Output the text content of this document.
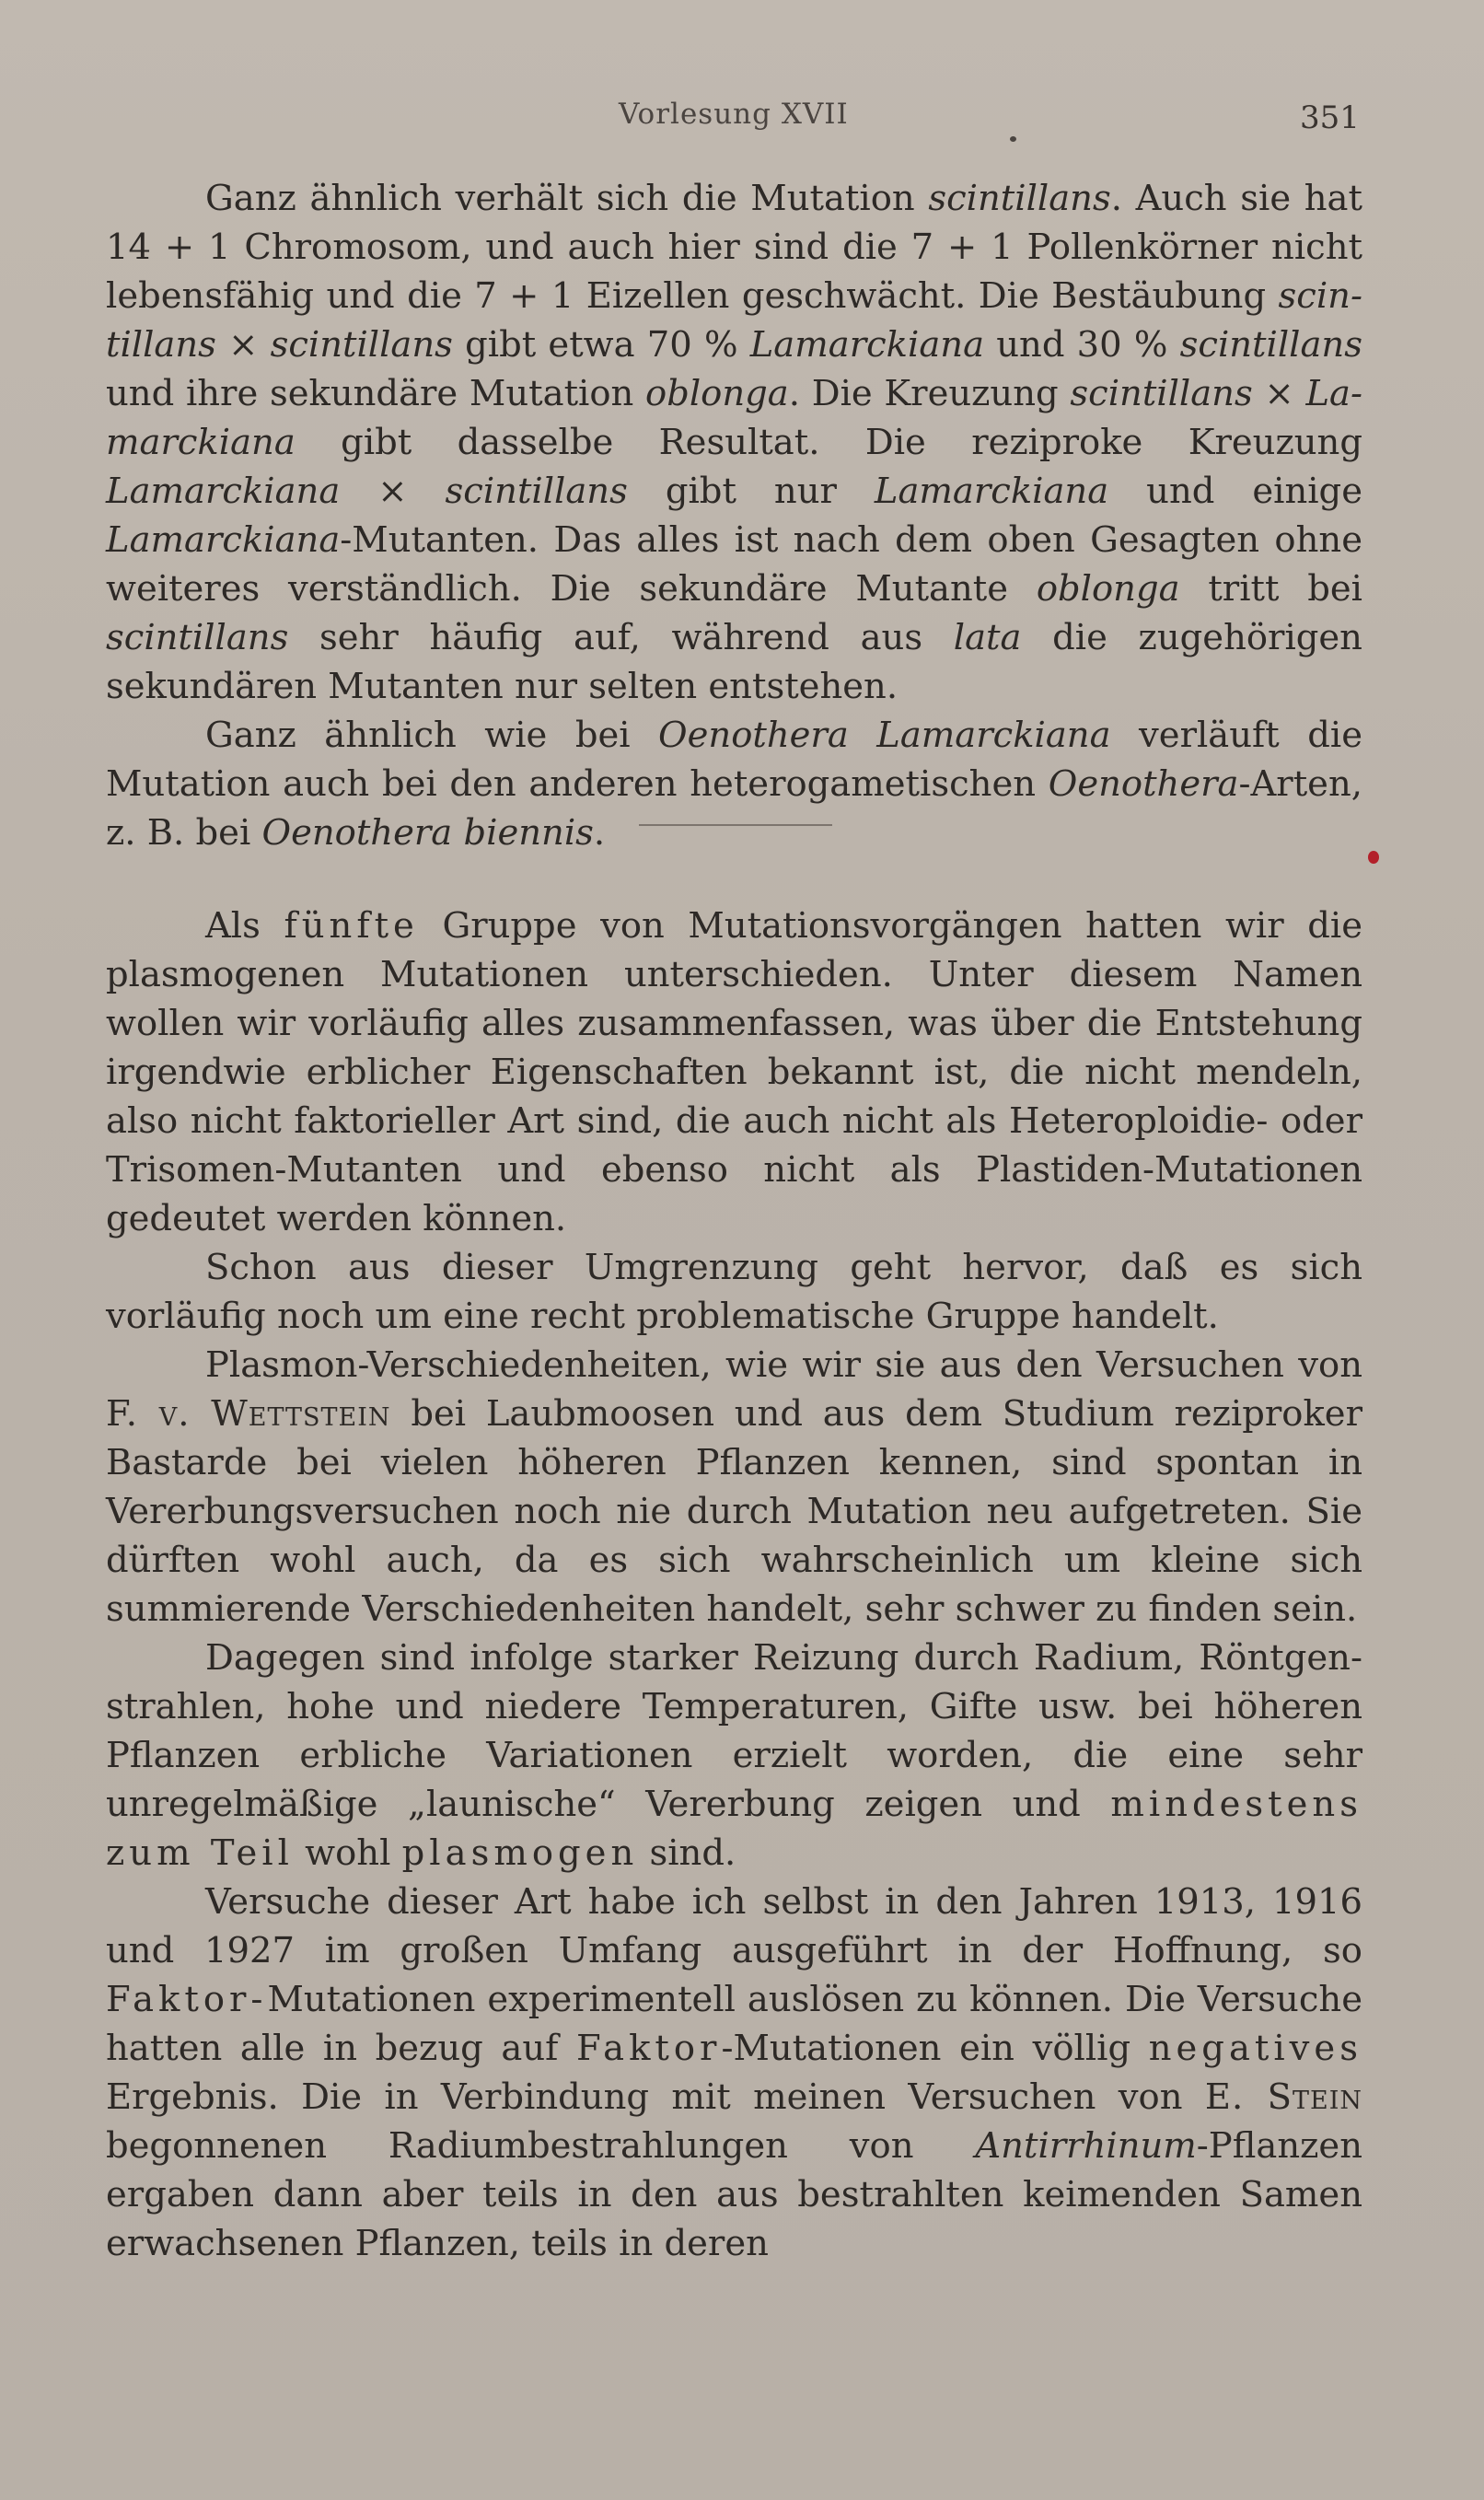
Vorlesung XVII	351

Ganz ähnlich verhält sich die Mutation scintillans. Auch sie hat 14 + 1 Chromosom, und auch hier sind die 7 + 1 Pollenkörner nicht lebensfähig und die 7 + 1 Eizellen geschwächt. Die Bestäubung scintillans × scintillans gibt etwa 70 % Lamarckiana und 30 % scintillans und ihre sekundäre Mutation oblonga. Die Kreuzung scintillans × Lamarckiana gibt dasselbe Resultat. Die reziproke Kreuzung Lamarckiana × scintillans gibt nur Lamarckiana und einige Lamarckiana-Mutanten. Das alles ist nach dem oben Gesagten ohne weiteres verständlich. Die sekundäre Mutante oblonga tritt bei scintillans sehr häufig auf, während aus lata die zugehörigen sekundären Mutanten nur selten entstehen.

Ganz ähnlich wie bei Oenothera Lamarckiana verläuft die Mutation auch bei den anderen heterogametischen Oenothera-Arten, z. B. bei Oenothera biennis.

Als fünfte Gruppe von Mutationsvorgängen hatten wir die plasmogenen Mutationen unterschieden. Unter diesem Namen wollen wir vorläufig alles zusammenfassen, was über die Entstehung irgendwie erblicher Eigenschaften bekannt ist, die nicht mendeln, also nicht faktorieller Art sind, die auch nicht als Heteroploidie- oder Trisomen-Mutanten und ebenso nicht als Plastiden-Mutationen gedeutet werden können.

Schon aus dieser Umgrenzung geht hervor, daß es sich vorläufig noch um eine recht problematische Gruppe handelt.

Plasmon-Verschiedenheiten, wie wir sie aus den Versuchen von F. v. Wettstein bei Laubmoosen und aus dem Studium reziproker Bastarde bei vielen höheren Pflanzen kennen, sind spontan in Vererbungsversuchen noch nie durch Mutation neu aufgetreten. Sie dürften wohl auch, da es sich wahrscheinlich um kleine sich summierende Verschiedenheiten handelt, sehr schwer zu finden sein.

Dagegen sind infolge starker Reizung durch Radium, Röntgenstrahlen, hohe und niedere Temperaturen, Gifte usw. bei höheren Pflanzen erbliche Variationen erzielt worden, die eine sehr unregelmäßige „launische“ Vererbung zeigen und mindestens zum Teil wohl plasmogen sind.

Versuche dieser Art habe ich selbst in den Jahren 1913, 1916 und 1927 im großen Umfang ausgeführt in der Hoffnung, so Faktor-Mutationen experimentell auslösen zu können. Die Versuche hatten alle in bezug auf Faktor-Mutationen ein völlig negatives Ergebnis. Die in Verbindung mit meinen Versuchen von E. Stein begonnenen Radiumbestrahlungen von Antirrhinum-Pflanzen ergaben dann aber teils in den aus bestrahlten keimenden Samen erwachsenen Pflanzen, teils in deren
